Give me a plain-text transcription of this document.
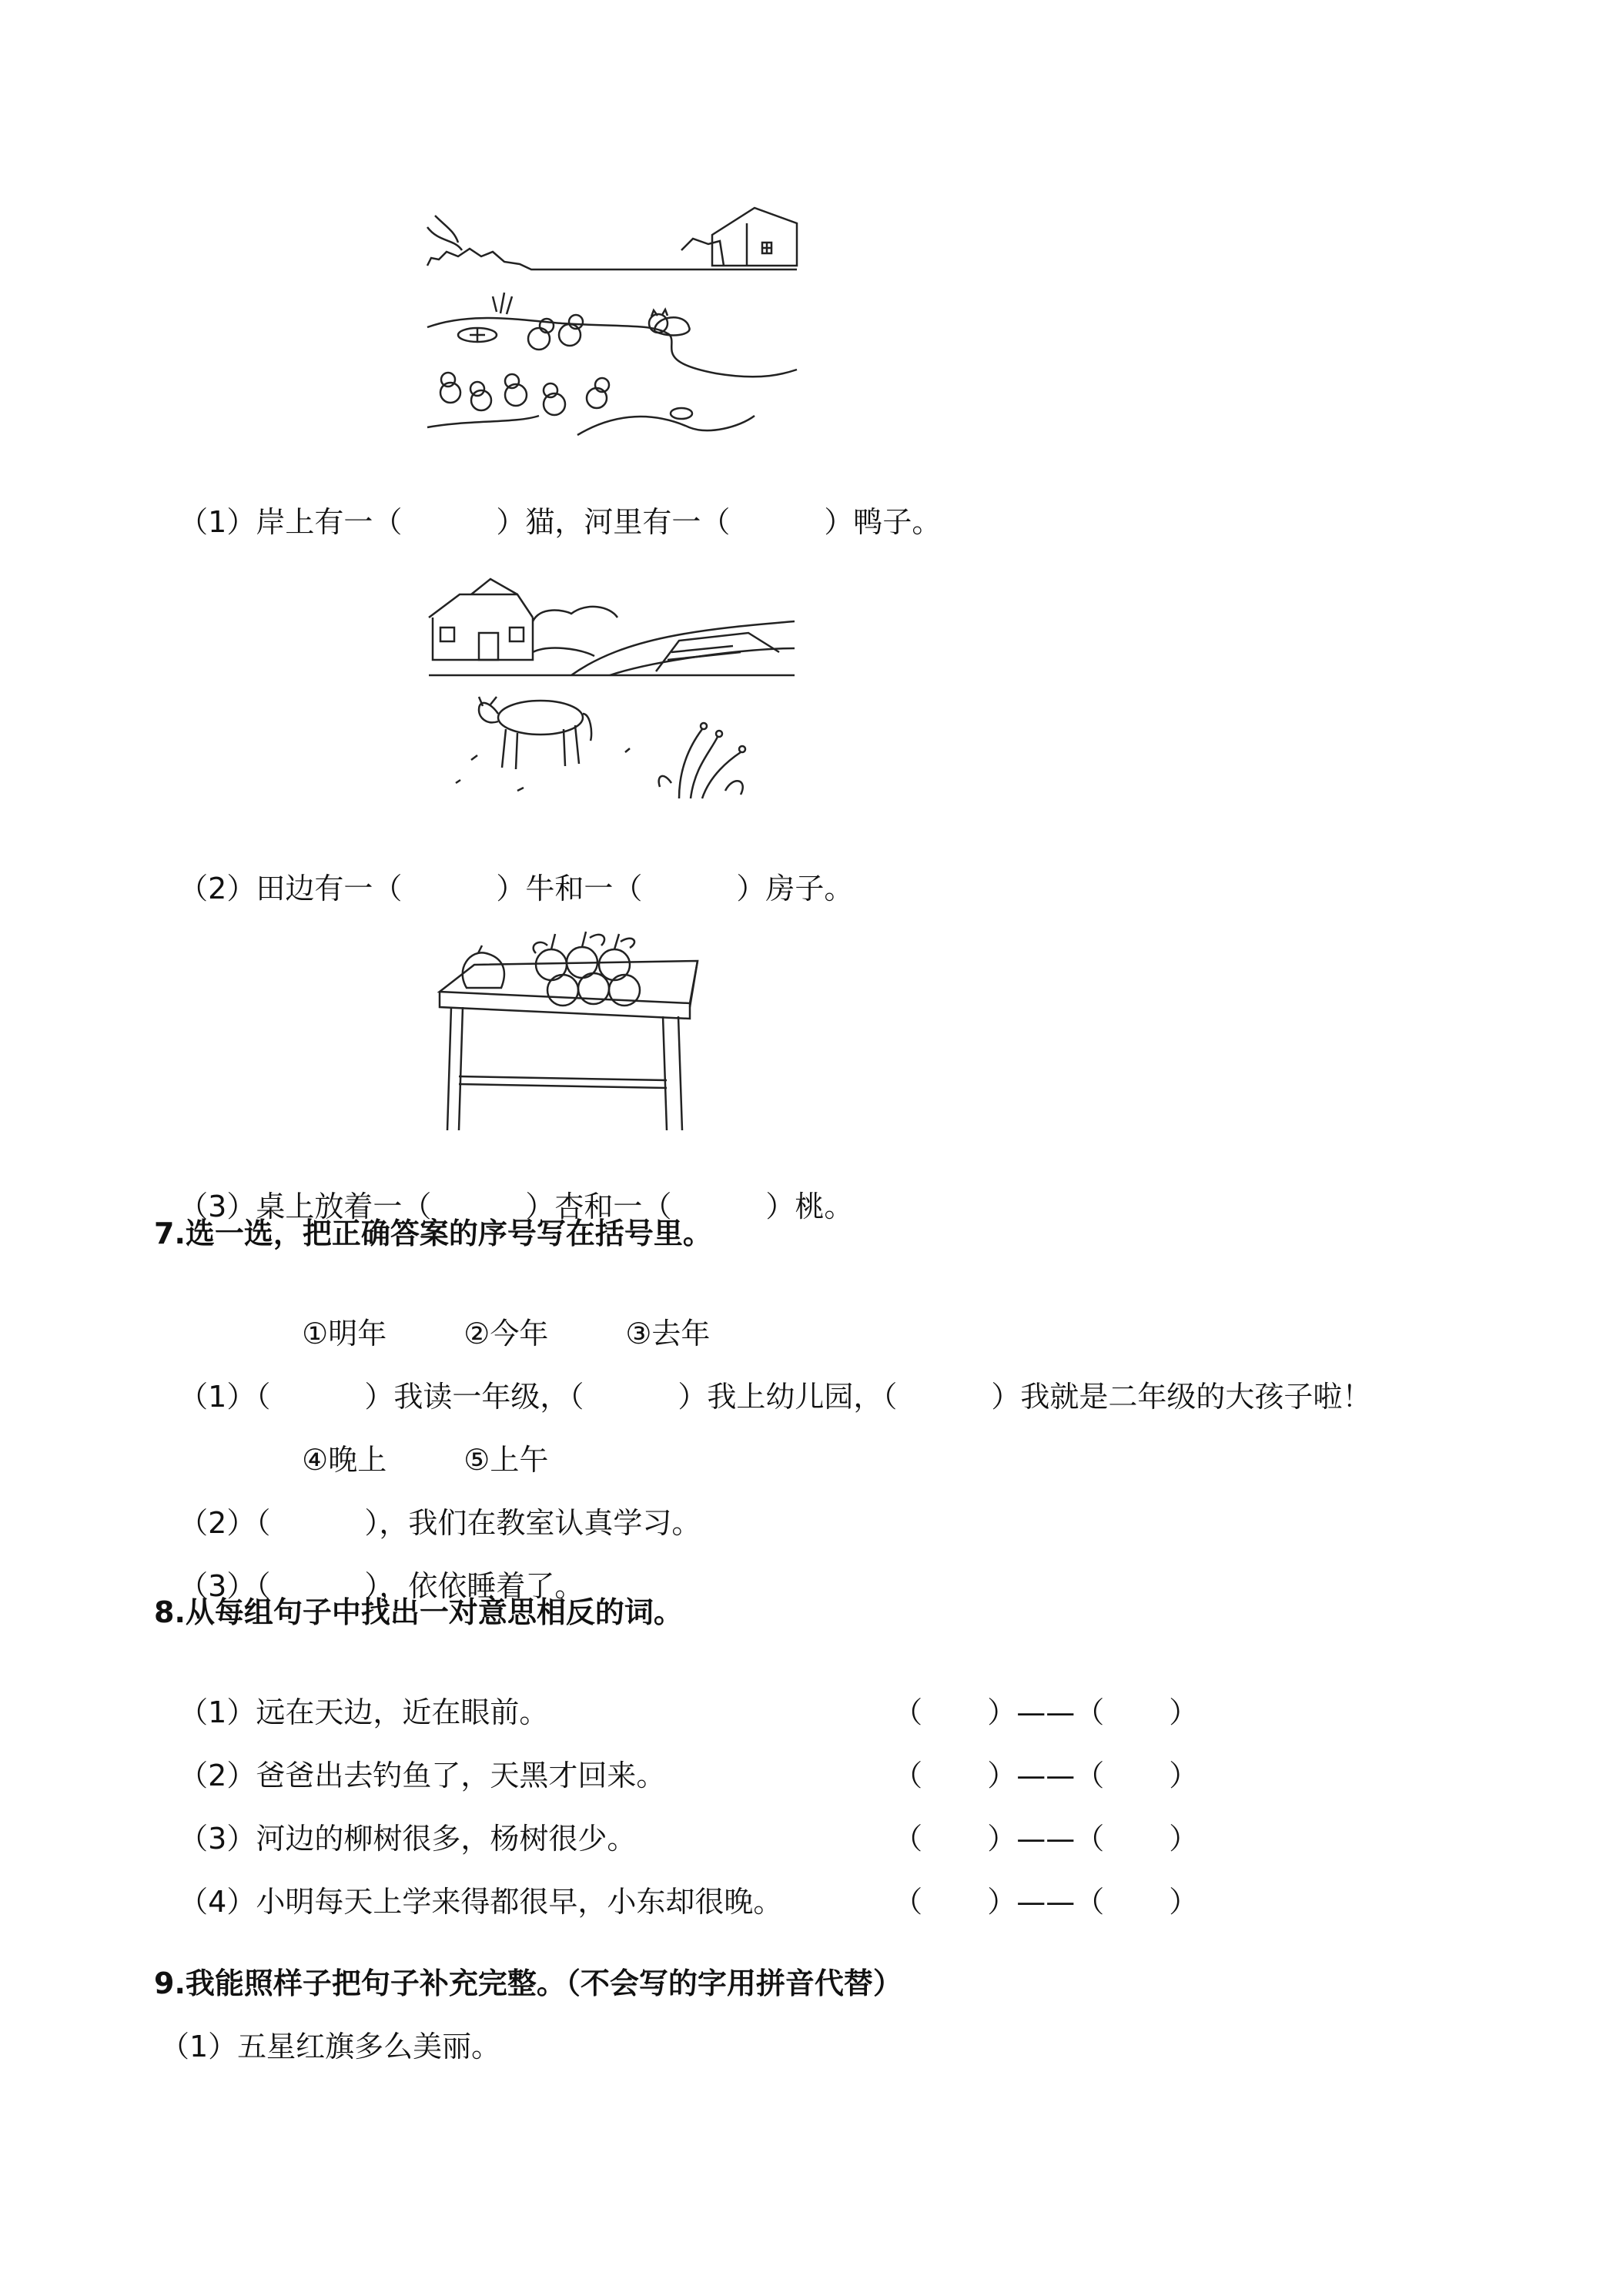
（1）岸上有一（	）猫，河里有一（	）鸭子。

（2）田边有一（	）牛和一（	）房子。

（3）桌上放着一（	）杏和一（	）桃。

7.选一选，把正确答案的序号写在括号里。

①明年	②今年	③去年

（1）（	）我读一年级，（	）我上幼儿园，（	）我就是二年级的大孩子啦！

④晚上	⑤上午

（2）（	），我们在教室认真学习。

（3）（	），依依睡着了。

8.从每组句子中找出一对意思相反的词。

（1）远在天边，近在眼前。	（ ）——（ ）

（2）爸爸出去钓鱼了，天黑才回来。	（ ）——（ ）

（3）河边的柳树很多，杨树很少。	（ ）——（ ）

（4）小明每天上学来得都很早，小东却很晚。	（ ）——（ ）

9.我能照样子把句子补充完整。（不会写的字用拼音代替）
（1）五星红旗多么美丽。
